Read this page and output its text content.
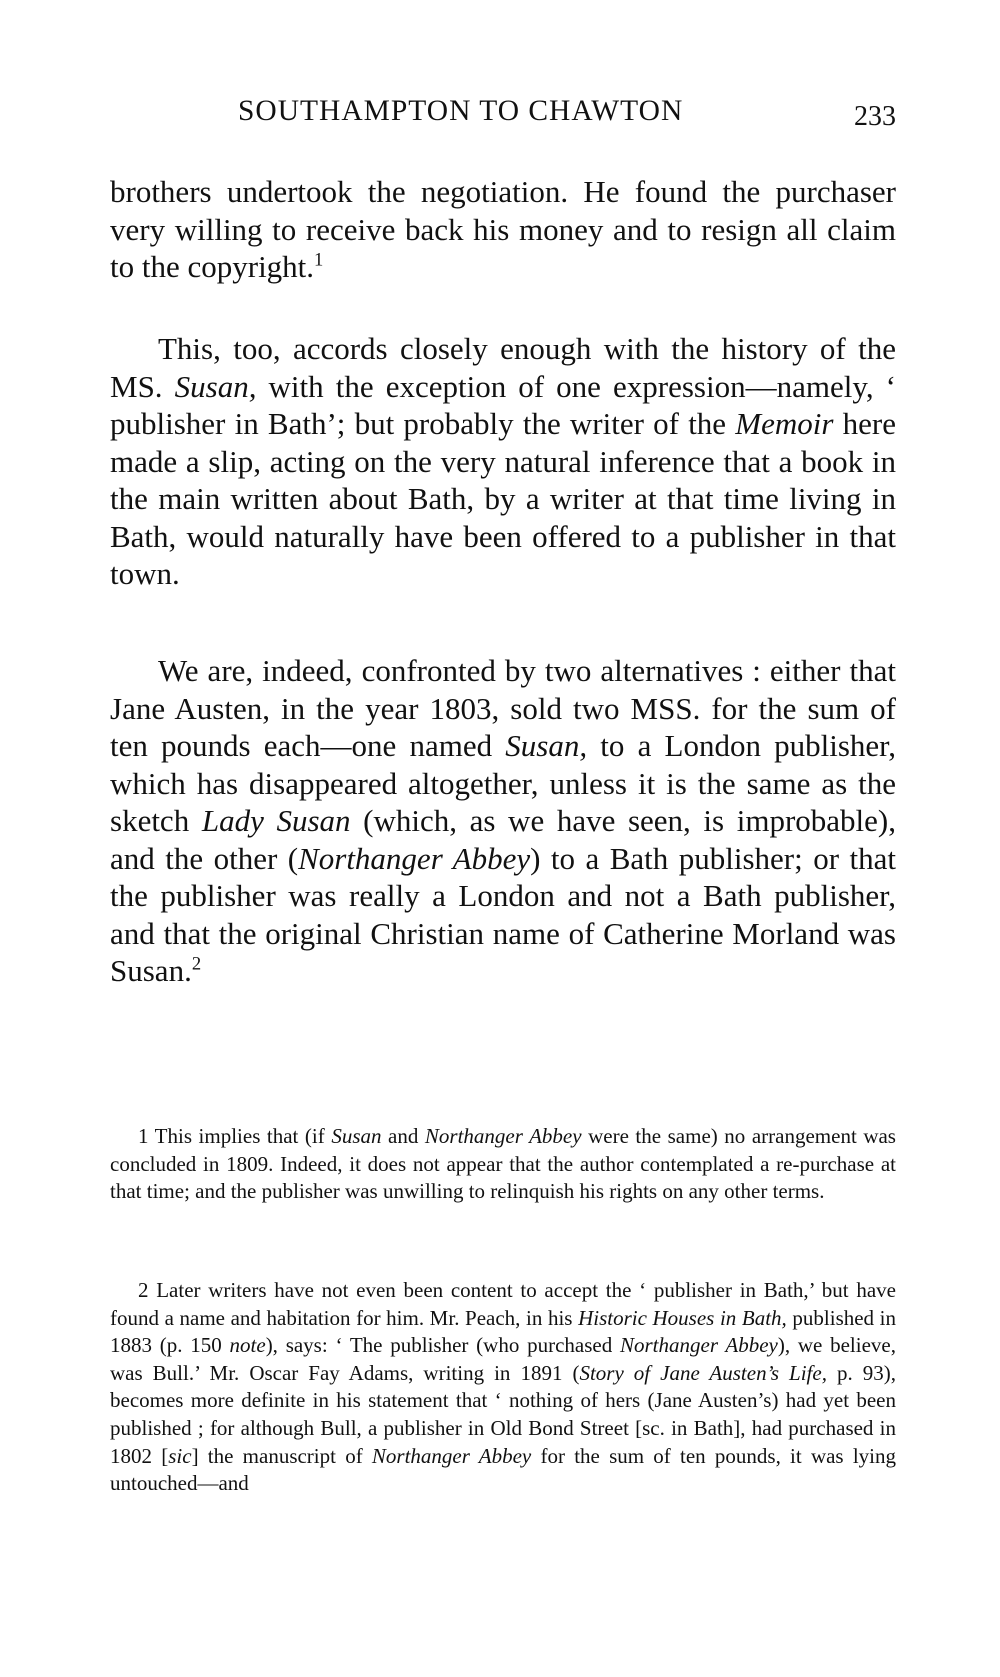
SOUTHAMPTON TO CHAWTON	233

brothers undertook the negotiation. He found the purchaser very willing to receive back his money and to resign all claim to the copyright.$^1$

This, too, accords closely enough with the history of the MS. Susan, with the exception of one expression—namely, ‘ publisher in Bath’; but probably the writer of the Memoir here made a slip, acting on the very natural inference that a book in the main written about Bath, by a writer at that time living in Bath, would naturally have been offered to a publisher in that town.

We are, indeed, confronted by two alternatives : either that Jane Austen, in the year 1803, sold two MSS. for the sum of ten pounds each—one named Susan, to a London publisher, which has disappeared altogether, unless it is the same as the sketch Lady Susan (which, as we have seen, is improbable), and the other (Northanger Abbey) to a Bath publisher; or that the publisher was really a London and not a Bath publisher, and that the original Christian name of Catherine Morland was Susan.$^2$

1 This implies that (if Susan and Northanger Abbey were the same) no arrangement was concluded in 1809. Indeed, it does not appear that the author contemplated a re-purchase at that time; and the publisher was unwilling to relinquish his rights on any other terms.

2 Later writers have not even been content to accept the ‘ publisher in Bath,’ but have found a name and habitation for him. Mr. Peach, in his Historic Houses in Bath, published in 1883 (p. 150 note), says: ‘ The publisher (who purchased Northanger Abbey), we believe, was Bull.’ Mr. Oscar Fay Adams, writing in 1891 (Story of Jane Austen’s Life, p. 93), becomes more definite in his statement that ‘ nothing of hers (Jane Austen’s) had yet been published ; for although Bull, a publisher in Old Bond Street [sc. in Bath], had purchased in 1802 [sic] the manuscript of Northanger Abbey for the sum of ten pounds, it was lying untouched—and
